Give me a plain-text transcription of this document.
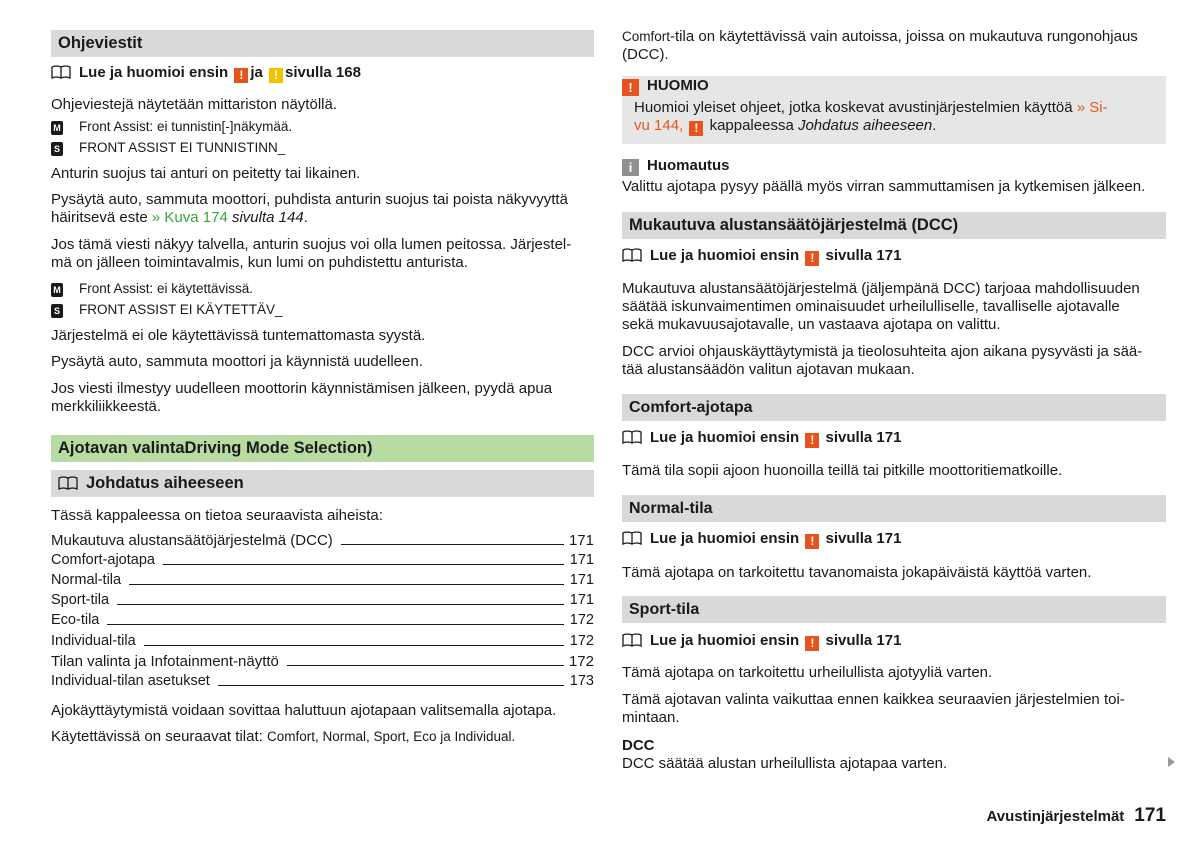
Ohjeviestit
Lue ja huomioi ensin ! ja ! sivulla 168
Ohjeviestejä näytetään mittariston näytöllä.
M Front Assist: ei tunnistin[-]näkymää.
S FRONT ASSIST EI TUNNISTINN_
Anturin suojus tai anturi on peitetty tai likainen.
Pysäytä auto, sammuta moottori, puhdista anturin suojus tai poista näkyvyyttä
häiritsevä este » Kuva 174 sivulta 144.
Jos tämä viesti näkyy talvella, anturin suojus voi olla lumen peitossa. Järjestel-
mä on jälleen toimintavalmis, kun lumi on puhdistettu anturista.
M Front Assist: ei käytettävissä.
S FRONT ASSIST EI KÄYTETTÄV_
Järjestelmä ei ole käytettävissä tuntemattomasta syystä.
Pysäytä auto, sammuta moottori ja käynnistä uudelleen.
Jos viesti ilmestyy uudelleen moottorin käynnistämisen jälkeen, pyydä apua
merkkiliikkeestä.
Ajotavan valintaDriving Mode Selection)
Johdatus aiheeseen
Tässä kappaleessa on tietoa seuraavista aiheista:
Mukautuva alustansäätöjärjestelmä (DCC)	171
Comfort-ajotapa	171
Normal-tila	171
Sport-tila	171
Eco-tila	172
Individual-tila	172
Tilan valinta ja Infotainment-näyttö	172
Individual-tilan asetukset	173
Ajokäyttäytymistä voidaan sovittaa haluttuun ajotapaan valitsemalla ajotapa.
Käytettävissä on seuraavat tilat: Comfort, Normal, Sport, Eco ja Individual.
Comfort-tila on käytettävissä vain autoissa, joissa on mukautuva rungonohjaus
(DCC).
! HUOMIO
Huomioi yleiset ohjeet, jotka koskevat avustinjärjestelmien käyttöä » Si-
vu 144, ! kappaleessa Johdatus aiheeseen.
i Huomautus
Valittu ajotapa pysyy päällä myös virran sammuttamisen ja kytkemisen jälkeen.
Mukautuva alustansäätöjärjestelmä (DCC)
Lue ja huomioi ensin ! sivulla 171
Mukautuva alustansäätöjärjestelmä (jäljempänä DCC) tarjoaa mahdollisuuden
säätää iskunvaimentimen ominaisuudet urheilulliselle, tavalliselle ajotavalle
sekä mukavuusajotavalle, un vastaava ajotapa on valittu.
DCC arvioi ohjauskäyttäytymistä ja tieolosuhteita ajon aikana pysyvästi ja sää-
tää alustansäädön valitun ajotavan mukaan.
Comfort-ajotapa
Lue ja huomioi ensin ! sivulla 171
Tämä tila sopii ajoon huonoilla teillä tai pitkille moottoritiematkoille.
Normal-tila
Lue ja huomioi ensin ! sivulla 171
Tämä ajotapa on tarkoitettu tavanomaista jokapäiväistä käyttöä varten.
Sport-tila
Lue ja huomioi ensin ! sivulla 171
Tämä ajotapa on tarkoitettu urheilullista ajotyyliä varten.
Tämä ajotavan valinta vaikuttaa ennen kaikkea seuraavien järjestelmien toi-
mintaan.
DCC
DCC säätää alustan urheilullista ajotapaa varten.
Avustinjärjestelmät 171
